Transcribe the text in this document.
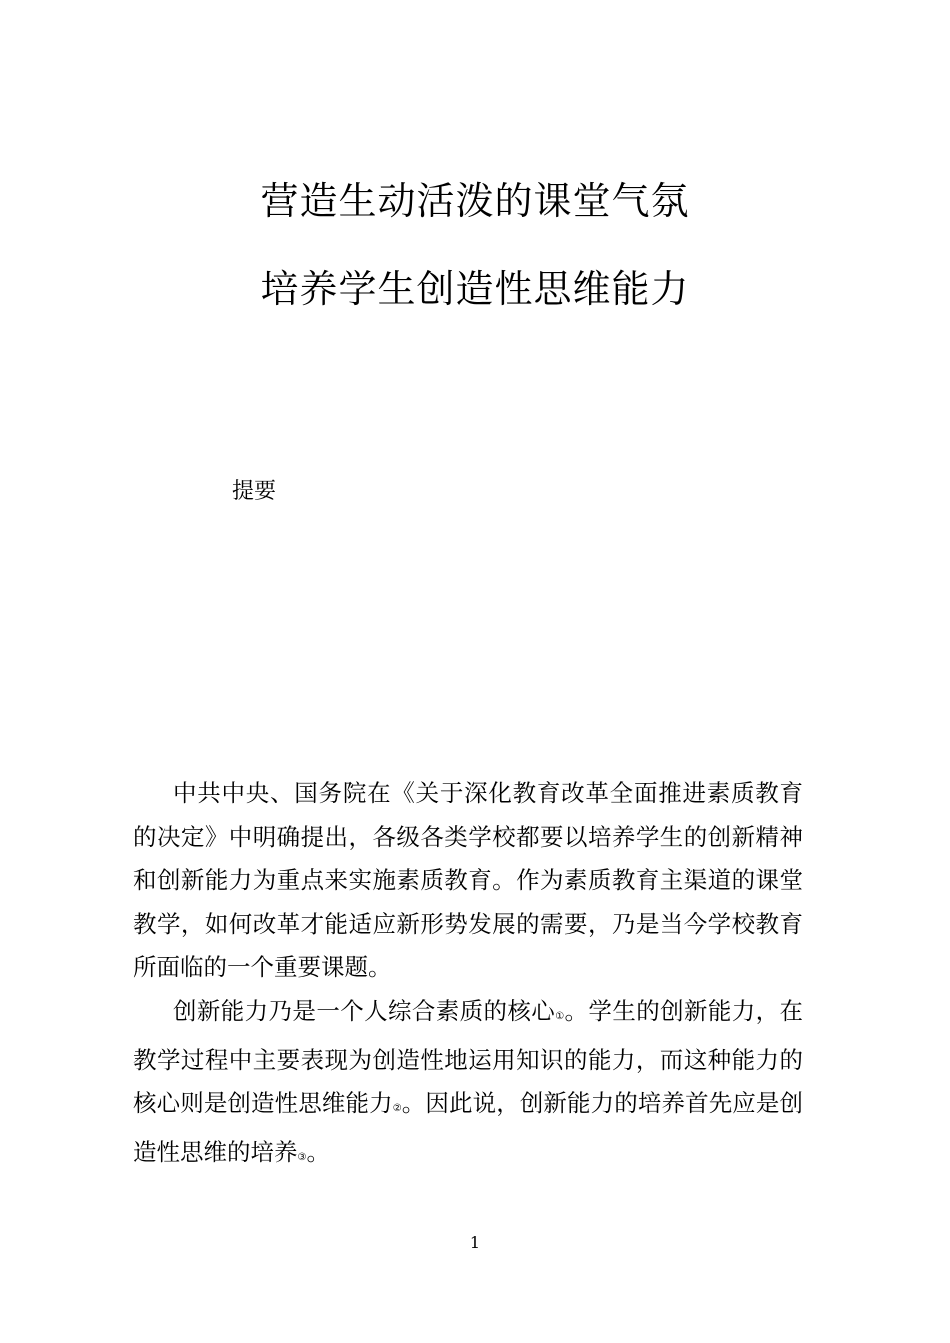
营造生动活泼的课堂气氛
培养学生创造性思维能力
提要

中共中央、国务院在《关于深化教育改革全面推进素质教育的决定》中明确提出，各级各类学校都要以培养学生的创新精神和创新能力为重点来实施素质教育。作为素质教育主渠道的课堂教学，如何改革才能适应新形势发展的需要，乃是当今学校教育所面临的一个重要课题。

创新能力乃是一个人综合素质的核心①。学生的创新能力，在教学过程中主要表现为创造性地运用知识的能力，而这种能力的核心则是创造性思维能力②。因此说，创新能力的培养首先应是创造性思维的培养③。

1
